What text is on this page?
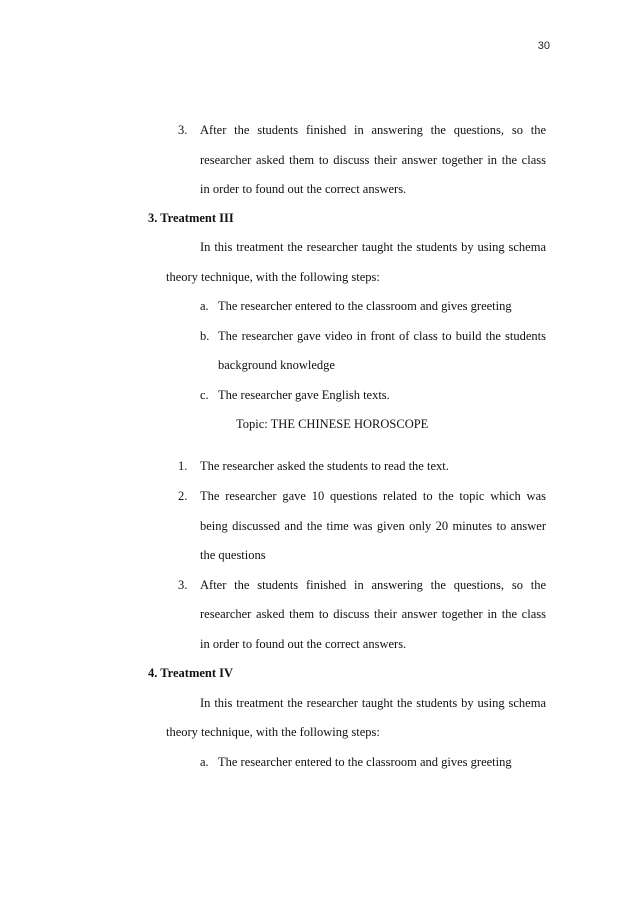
30
3. After the students finished in answering the questions, so the
researcher asked them to discuss their answer together in the class
in order to found out the correct answers.
3. Treatment III
In this treatment the researcher taught the students by using schema
theory technique, with the following steps:
a. The researcher entered to the classroom and gives greeting
b. The researcher gave video in front of class to build the students
background knowledge
c. The researcher gave English texts.
Topic: THE CHINESE HOROSCOPE
1. The researcher asked the students to read the text.
2. The researcher gave 10 questions related to the topic which was
being discussed and the time was given only 20 minutes to answer
the questions
3. After the students finished in answering the questions, so the
researcher asked them to discuss their answer together in the class
in order to found out the correct answers.
4. Treatment IV
In this treatment the researcher taught the students by using schema
theory technique, with the following steps:
a. The researcher entered to the classroom and gives greeting
